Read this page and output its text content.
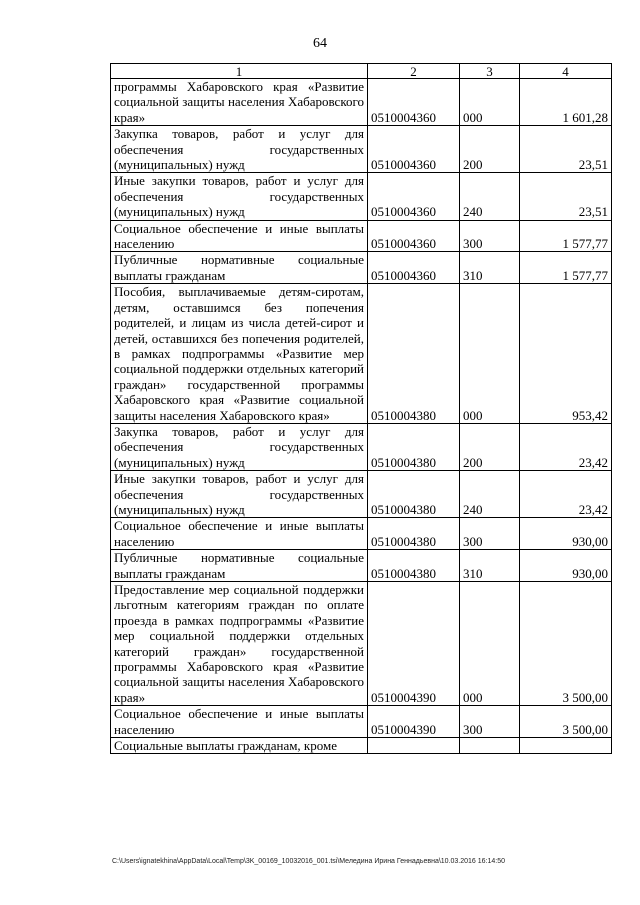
64
1	2	3	4
программы Хабаровского края «Развитие социальной защиты населения Хабаровского края»	0510004360	000	1 601,28
Закупка товаров, работ и услуг для обеспечения государственных (муниципальных) нужд	0510004360	200	23,51
Иные закупки товаров, работ и услуг для обеспечения государственных (муниципальных) нужд	0510004360	240	23,51
Социальное обеспечение и иные выплаты населению	0510004360	300	1 577,77
Публичные нормативные социальные выплаты гражданам	0510004360	310	1 577,77
Пособия, выплачиваемые детям-сиротам, детям, оставшимся без попечения родителей, и лицам из числа детей-сирот и детей, оставшихся без попечения родителей, в рамках подпрограммы «Развитие мер социальной поддержки отдельных категорий граждан» государственной программы Хабаровского края «Развитие социальной защиты населения Хабаровского края»	0510004380	000	953,42
Закупка товаров, работ и услуг для обеспечения государственных (муниципальных) нужд	0510004380	200	23,42
Иные закупки товаров, работ и услуг для обеспечения государственных (муниципальных) нужд	0510004380	240	23,42
Социальное обеспечение и иные выплаты населению	0510004380	300	930,00
Публичные нормативные социальные выплаты гражданам	0510004380	310	930,00
Предоставление мер социальной поддержки льготным категориям граждан по оплате проезда в рамках подпрограммы «Развитие мер социальной поддержки отдельных категорий граждан» государственной программы Хабаровского края «Развитие социальной защиты населения Хабаровского края»	0510004390	000	3 500,00
Социальное обеспечение и иные выплаты населению	0510004390	300	3 500,00
Социальные выплаты гражданам, кроме			
C:\Users\ignatekhina\AppData\Local\Temp\3K_00169_10032016_001.tsi\Меледина Ирина Геннадьевна\10.03.2016 16:14:50
